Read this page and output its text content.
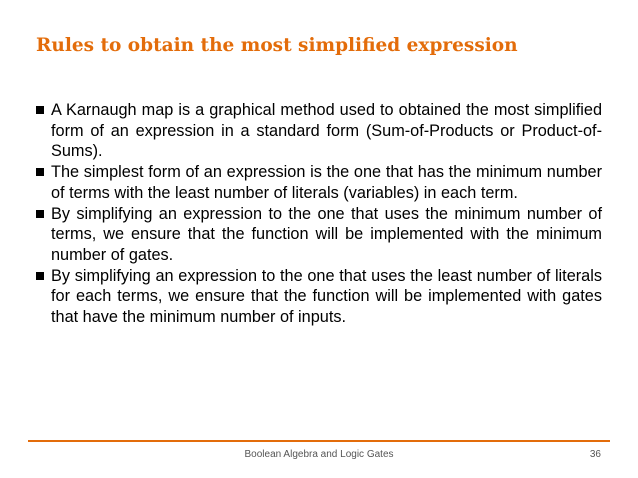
Rules to obtain the most simplified expression
A Karnaugh map is a graphical method used to obtained the most simplified form of an expression in a standard form (Sum-of-Products or Product-of-Sums).
The simplest form of an expression is the one that has the minimum number of terms with the least number of literals (variables) in each term.
By simplifying an expression to the one that uses the minimum number of terms, we ensure that the function will be implemented with the minimum number of gates.
By simplifying an expression to the one that uses the least number of literals for each terms, we ensure that the function will be implemented with gates that have the minimum number of inputs.
Boolean Algebra and Logic Gates	36
